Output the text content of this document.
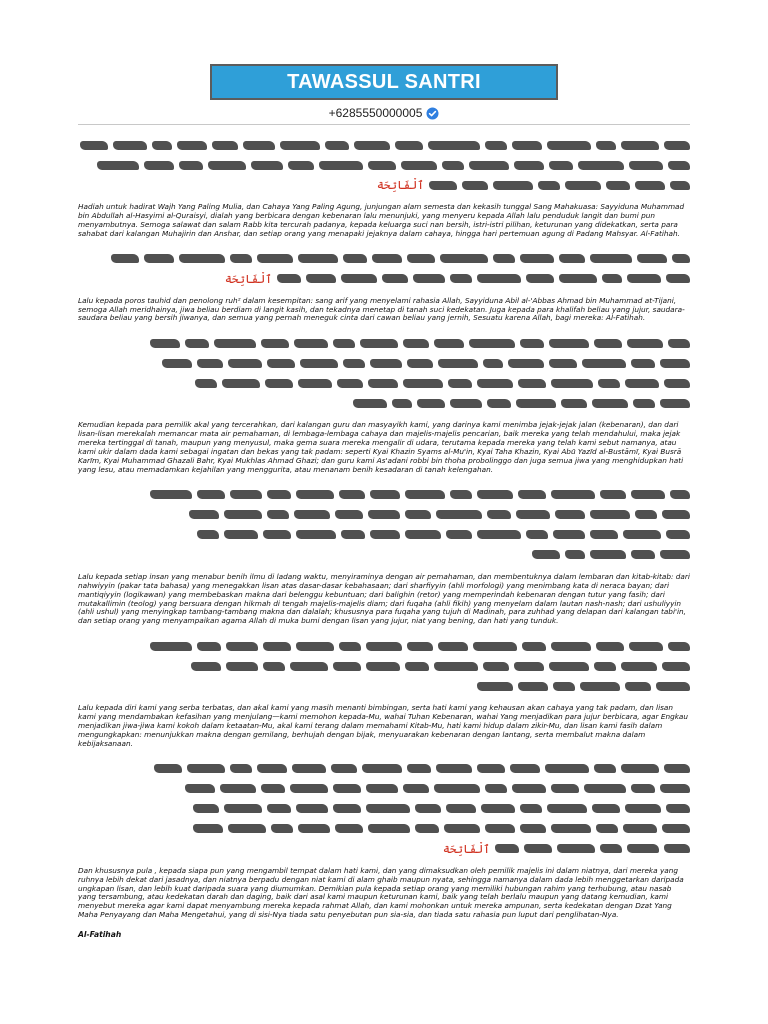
TAWASSUL SANTRI
+6285550000005
ٱلْفَاتِحَة
Hadiah untuk hadirat Wajh Yang Paling Mulia, dan Cahaya Yang Paling Agung, junjungan alam semesta dan kekasih tunggal Sang Mahakuasa: Sayyiduna Muhammad bin Abdullah al-Hasyimi al-Quraisyi, dialah yang berbicara dengan kebenaran lalu menunjuki, yang menyeru kepada Allah lalu penduduk langit dan bumi pun menyambutnya. Semoga salawat dan salam Rabb kita tercurah padanya, kepada keluarga suci nan bersih, istri-istri pilihan, keturunan yang didekatkan, serta para sahabat dari kalangan Muhajirin dan Anshar, dan setiap orang yang menapaki jejaknya dalam cahaya, hingga hari pertemuan agung di Padang Mahsyar. Al-Fatihah.
ٱلْفَاتِحَة
Lalu kepada poros tauhid dan penolong ruh² dalam kesempitan: sang arif yang menyelami rahasia Allah, Sayyiduna Abil al-'Abbas Ahmad bin Muhammad at-Tijani, semoga Allah meridhainya, jiwa beliau berdiam di langit kasih, dan tekadnya menetap di tanah suci kedekatan. Juga kepada para khalifah beliau yang jujur, saudara-saudara beliau yang bersih jiwanya, dan semua yang pernah meneguk cinta dari cawan beliau yang jernih, Sesuatu karena Allah, bagi mereka: Al-Fatihah.
Kemudian kepada para pemilik akal yang tercerahkan, dari kalangan guru dan masyayikh kami, yang darinya kami menimba jejak-jejak jalan (kebenaran), dan dari lisan-lisan merekalah memancar mata air pemahaman, di lembaga-lembaga cahaya dan majelis-majelis pencarian, baik mereka yang telah mendahului, maka jejak mereka tertinggal di tanah, maupun yang menyusul, maka gema suara mereka mengalir di udara, terutama kepada mereka yang telah kami sebut namanya, atau kami ukir dalam dada kami sebagai ingatan dan bekas yang tak padam: seperti Kyai Khazin Syams al-Mu'in, Kyai Taha Khazin, Kyai Abū Yazīd al-Bustāmī, Kyai Busrā Karīm, Kyai Muhammad Ghazali Bahr, Kyai Mukhlas Ahmad Ghazi; dan guru kami As'adani robbi bin thoha probolinggo dan juga semua jiwa yang menghidupkan hati yang lesu, atau memadamkan kejahilan yang menggurita, atau menanam benih kesadaran di tanah kelengahan.
Lalu kepada setiap insan yang menabur benih ilmu di ladang waktu, menyiraminya dengan air pemahaman, dan membentuknya dalam lembaran dan kitab-kitab: dari nahwiyyin (pakar tata bahasa) yang menegakkan lisan atas dasar-dasar kebahasaan; dari sharfiyyin (ahli morfologi) yang menimbang kata di neraca bayan; dari mantiqiyyin (logikawan) yang membebaskan makna dari belenggu kebuntuan; dari balighin (retor) yang memperindah kebenaran dengan tutur yang fasih; dari mutakallimin (teolog) yang bersuara dengan hikmah di tengah majelis-majelis diam; dari fuqaha (ahli fikih) yang menyelam dalam lautan nash-nash; dari ushuliyyin (ahli ushul) yang menyingkap tambang-tambang makna dan dalalah; khususnya para fuqaha yang tujuh di Madinah, para zuhhad yang delapan dari kalangan tabi'in, dan setiap orang yang menyampaikan agama Allah di muka bumi dengan lisan yang jujur, niat yang bening, dan hati yang tunduk.
Lalu kepada diri kami yang serba terbatas, dan akal kami yang masih menanti bimbingan, serta hati kami yang kehausan akan cahaya yang tak padam, dan lisan kami yang mendambakan kefasihan yang menjulang—kami memohon kepada-Mu, wahai Tuhan Kebenaran, wahai Yang menjadikan para jujur berbicara, agar Engkau menjadikan jiwa-jiwa kami kokoh dalam ketaatan-Mu, akal kami terang dalam memahami Kitab-Mu, hati kami hidup dalam zikir-Mu, dan lisan kami fasih dalam mengungkapkan: menunjukkan makna dengan gemilang, berhujah dengan bijak, menyuarakan kebenaran dengan lantang, serta membalut makna dalam kebijaksanaan.
ٱلْفَاتِحَة
Dan khususnya pula , kepada siapa pun yang mengambil tempat dalam hati kami, dan yang dimaksudkan oleh pemilik majelis ini dalam niatnya, dari mereka yang ruhnya lebih dekat dari jasadnya, dan niatnya berpadu dengan niat kami di alam ghaib maupun nyata, sehingga namanya dalam dada lebih menggetarkan daripada ungkapan lisan, dan lebih kuat daripada suara yang diumumkan. Demikian pula kepada setiap orang yang memiliki hubungan rahim yang terhubung, atau nasab yang tersambung, atau kedekatan darah dan daging, baik dari asal kami maupun keturunan kami, baik yang telah berlalu maupun yang datang kemudian, kami menyebut mereka agar kami dapat menyambung mereka kepada rahmat Allah, dan kami mohonkan untuk mereka ampunan, serta kedekatan dengan Dzat Yang Maha Penyayang dan Maha Mengetahui, yang di sisi-Nya tiada satu penyebutan pun sia-sia, dan tiada satu rahasia pun luput dari penglihatan-Nya.
Al-Fatihah
